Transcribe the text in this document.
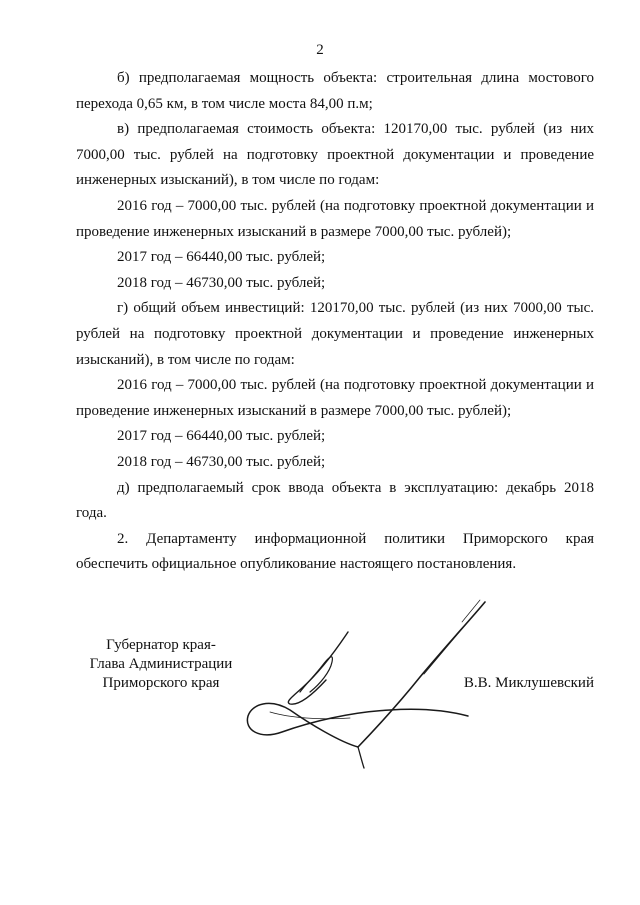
2

б) предполагаемая мощность объекта: строительная длина мостового перехода 0,65 км, в том числе моста 84,00 п.м;

в) предполагаемая стоимость объекта: 120170,00 тыс. рублей (из них 7000,00 тыс. рублей на подготовку проектной документации и проведение инженерных изысканий), в том числе по годам:

2016 год – 7000,00 тыс. рублей (на подготовку проектной документации и проведение инженерных изысканий в размере 7000,00 тыс. рублей);

2017 год – 66440,00 тыс. рублей;

2018 год – 46730,00 тыс. рублей;

г) общий объем инвестиций: 120170,00 тыс. рублей (из них 7000,00 тыс. рублей на подготовку проектной документации и проведение инженерных изысканий), в том числе по годам:

2016 год – 7000,00 тыс. рублей (на подготовку проектной документации и проведение инженерных изысканий в размере 7000,00 тыс. рублей);

2017 год – 66440,00 тыс. рублей;

2018 год – 46730,00 тыс. рублей;

д) предполагаемый срок ввода объекта в эксплуатацию: декабрь 2018 года.

2. Департаменту информационной политики Приморского края обеспечить официальное опубликование настоящего постановления.

Губернатор края-
Глава Администрации
Приморского края	В.В. Миклушевский
